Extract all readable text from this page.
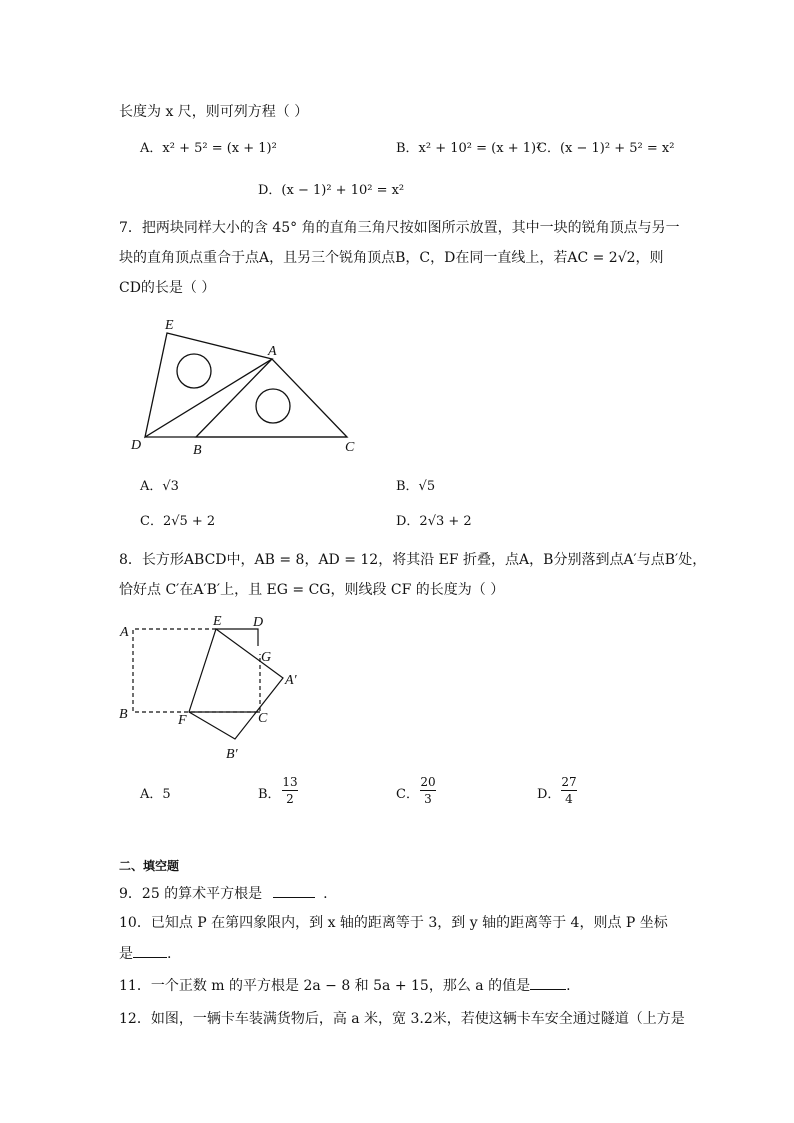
长度为 x 尺，则可列方程（ ）
A．x² + 5² = (x + 1)²	B．x² + 10² = (x + 1)²
C．(x − 1)² + 5² = x²
D．(x − 1)² + 10² = x²
7．把两块同样大小的含 45° 角的直角三角尺按如图所示放置，其中一块的锐角顶点与另一
块的直角顶点重合于点A，且另三个锐角顶点B，C，D在同一直线上，若AC = 2√2，则
CD的长是（ ）
E
A
D	B	C
A．√3	B．√5
C．2√5 + 2	D．2√3 + 2
8．长方形ABCD中，AB = 8，AD = 12，将其沿 EF 折叠，点A，B分别落到点A′与点B′处，
恰好点 C′在A′B′上，且 EG = CG，则线段 CF 的长度为（ ）
A
E D
G
A′
B	F	C
B′
A．5	B．
13
2	C．
20
3	D．
27
4
二、填空题
9．25 的算术平方根是	.
10．已知点 P 在第四象限内，到 x 轴的距离等于 3，到 y 轴的距离等于 4，则点 P 坐标
是 .
11．一个正数 m 的平方根是 2a − 8 和 5a + 15，那么 a 的值是	.
12．如图，一辆卡车装满货物后，高 a 米，宽 3.2米，若使这辆卡车安全通过隧道（上方是
